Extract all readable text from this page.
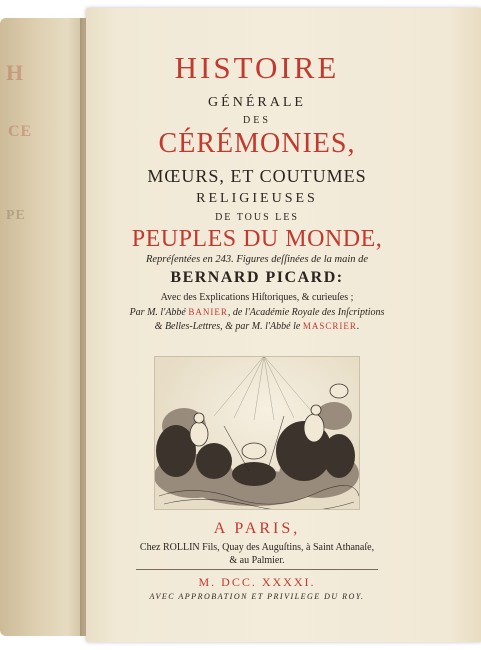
H
CE
PE
HISTOIRE
GÉNÉRALE
DES
CÉRÉMONIES,
MŒURS, ET COUTUMES
RELIGIEUSES
DE TOUS LES
PEUPLES DU MONDE,
Repréſentées en 243. Figures deſſinées de la main de
BERNARD PICARD:
Avec des Explications Hiſtoriques, & curieuſes ;
Par M. l'Abbé BANIER, de l'Académie Royale des Inſcriptions
& Belles-Lettres, & par M. l'Abbé le MASCRIER.
A PARIS,
Chez ROLLIN Fils, Quay des Auguſtins, à Saint Athanaſe,
& au Palmier.
M. DCC. XXXXI.
AVEC APPROBATION ET PRIVILEGE DU ROY.
